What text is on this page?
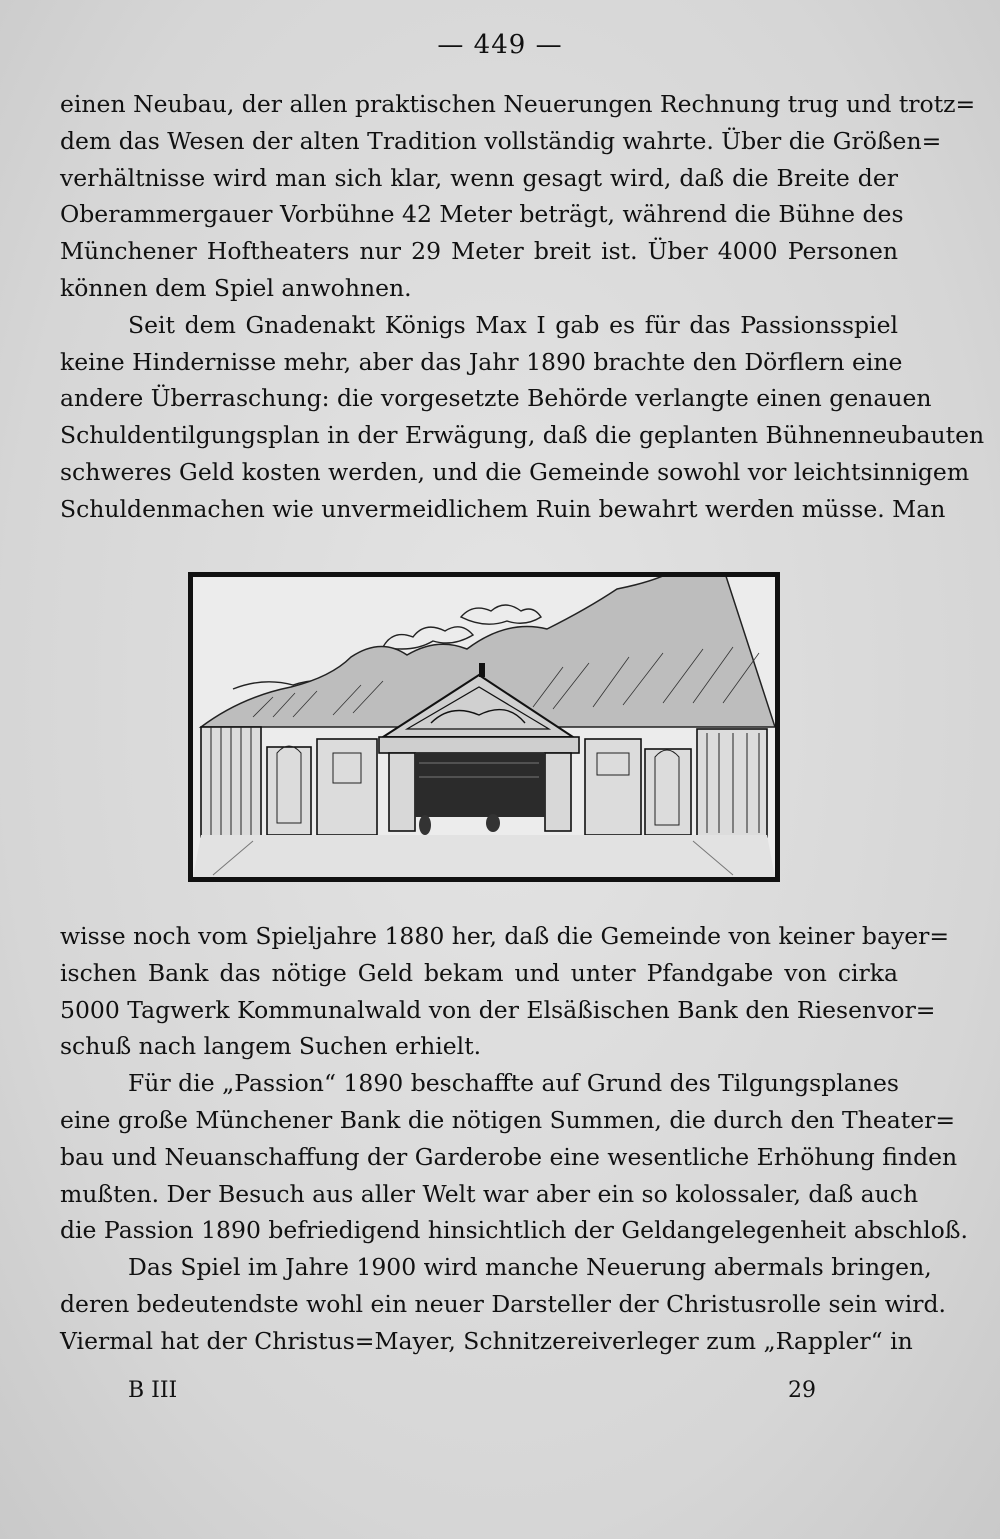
— 449 —
einen Neubau, der allen praktischen Neuerungen Rechnung trug und trotz=
dem das Wesen der alten Tradition vollständig wahrte. Über die Größen=
verhältnisse wird man sich klar, wenn gesagt wird, daß die Breite der
Oberammergauer Vorbühne 42 Meter beträgt, während die Bühne des
Münchener Hoftheaters nur 29 Meter breit ist. Über 4000 Personen
können dem Spiel anwohnen.
Seit dem Gnadenakt Königs Max I gab es für das Passionsspiel
keine Hindernisse mehr, aber das Jahr 1890 brachte den Dörflern eine
andere Überraschung: die vorgesetzte Behörde verlangte einen genauen
Schuldentilgungsplan in der Erwägung, daß die geplanten Bühnenneubauten
schweres Geld kosten werden, und die Gemeinde sowohl vor leichtsinnigem
Schuldenmachen wie unvermeidlichem Ruin bewahrt werden müsse. Man
wisse noch vom Spieljahre 1880 her, daß die Gemeinde von keiner bayer=
ischen Bank das nötige Geld bekam und unter Pfandgabe von cirka
5000 Tagwerk Kommunalwald von der Elsäßischen Bank den Riesenvor=
schuß nach langem Suchen erhielt.
Für die „Passion“ 1890 beschaffte auf Grund des Tilgungsplanes
eine große Münchener Bank die nötigen Summen, die durch den Theater=
bau und Neuanschaffung der Garderobe eine wesentliche Erhöhung finden
mußten. Der Besuch aus aller Welt war aber ein so kolossaler, daß auch
die Passion 1890 befriedigend hinsichtlich der Geldangelegenheit abschloß.
Das Spiel im Jahre 1900 wird manche Neuerung abermals bringen,
deren bedeutendste wohl ein neuer Darsteller der Christusrolle sein wird.
Viermal hat der Christus=Mayer, Schnitzereiverleger zum „Rappler“ in
B III	29
